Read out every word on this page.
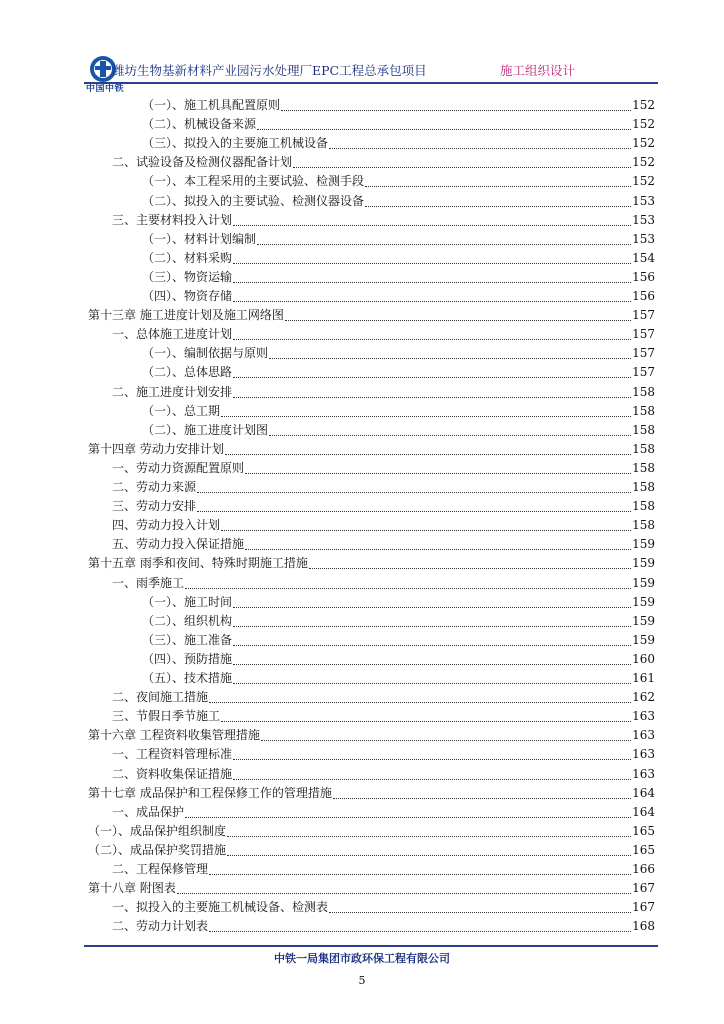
中国中铁
潍坊生物基新材料产业园污水处理厂EPC工程总承包项目	施工组织设计
（一）、施工机具配置原则	152
（二）、机械设备来源	152
（三）、拟投入的主要施工机械设备	152
二、试验设备及检测仪器配备计划	152
（一）、本工程采用的主要试验、检测手段	152
（二）、拟投入的主要试验、检测仪器设备	153
三、主要材料投入计划	153
（一）、材料计划编制	153
（二）、材料采购	154
（三）、物资运输	156
（四）、物资存储	156
第十三章 施工进度计划及施工网络图	157
一、总体施工进度计划	157
（一）、编制依据与原则	157
（二）、总体思路	157
二、施工进度计划安排	158
（一）、总工期	158
（二）、施工进度计划图	158
第十四章 劳动力安排计划	158
一、劳动力资源配置原则	158
二、劳动力来源	158
三、劳动力安排	158
四、劳动力投入计划	158
五、劳动力投入保证措施	159
第十五章 雨季和夜间、特殊时期施工措施	159
一、雨季施工	159
（一）、施工时间	159
（二）、组织机构	159
（三）、施工准备	159
（四）、预防措施	160
（五）、技术措施	161
二、夜间施工措施	162
三、节假日季节施工	163
第十六章 工程资料收集管理措施	163
一、工程资料管理标准	163
二、资料收集保证措施	163
第十七章 成品保护和工程保修工作的管理措施	164
一、成品保护	164
（一）、成品保护组织制度	165
（二）、成品保护奖罚措施	165
二、工程保修管理	166
第十八章 附图表	167
一、拟投入的主要施工机械设备、检测表	167
二、劳动力计划表	168
中铁一局集团市政环保工程有限公司
5
